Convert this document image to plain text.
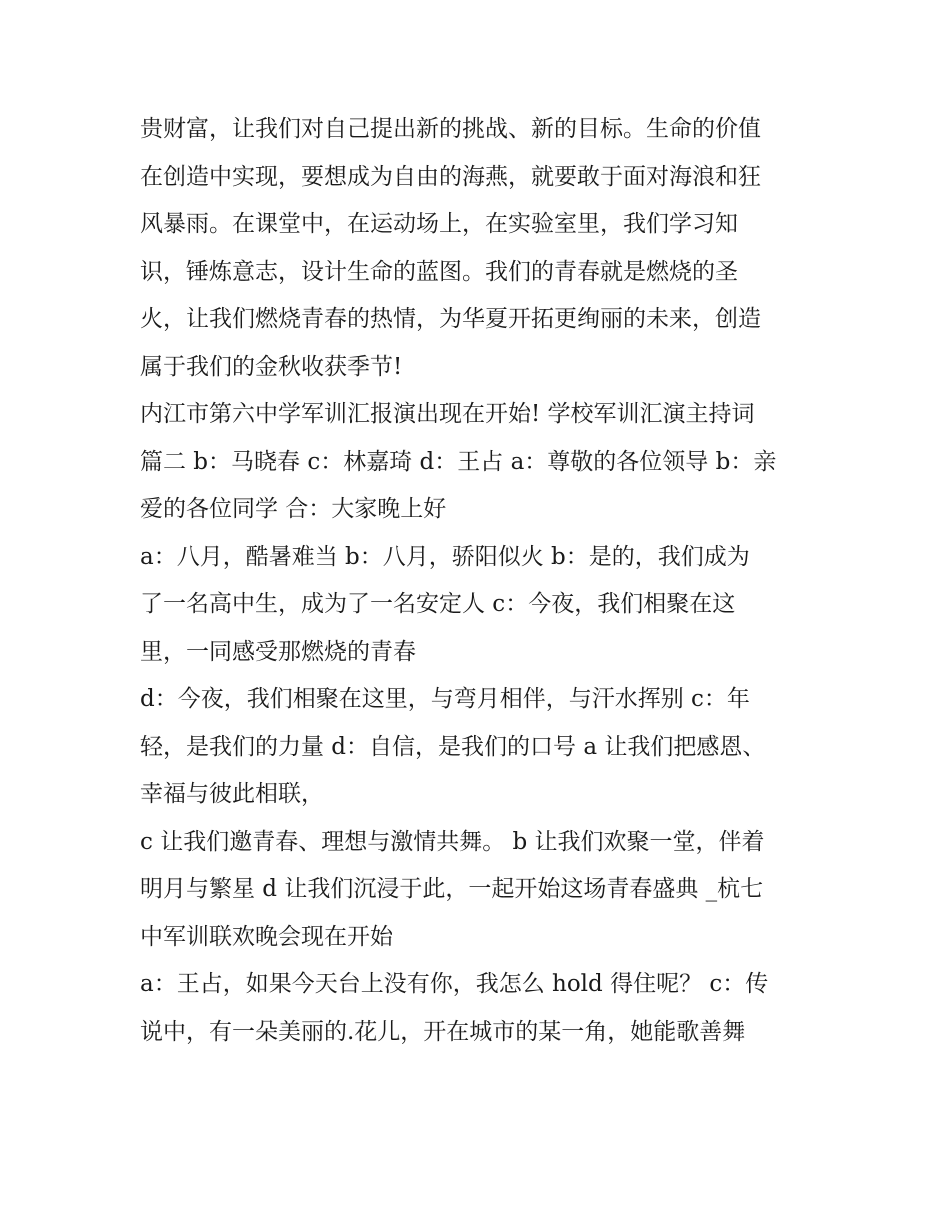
贵财富，让我们对自己提出新的挑战、新的目标。生命的价值
在创造中实现，要想成为自由的海燕，就要敢于面对海浪和狂
风暴雨。在课堂中，在运动场上，在实验室里，我们学习知
识，锤炼意志，设计生命的蓝图。我们的青春就是燃烧的圣
火，让我们燃烧青春的热情，为华夏开拓更绚丽的未来，创造
属于我们的金秋收获季节!
内江市第六中学军训汇报演出现在开始! 学校军训汇演主持词
篇二 b：马晓春 c：林嘉琦 d：王占 a：尊敬的各位领导 b：亲
爱的各位同学 合：大家晚上好
a：八月，酷暑难当 b：八月，骄阳似火 b：是的，我们成为
了一名高中生，成为了一名安定人 c：今夜，我们相聚在这
里，一同感受那燃烧的青春
d：今夜，我们相聚在这里，与弯月相伴，与汗水挥别 c：年
轻，是我们的力量 d：自信，是我们的口号 a 让我们把感恩、
幸福与彼此相联，
c 让我们邀青春、理想与激情共舞。 b 让我们欢聚一堂，伴着
明月与繁星 d 让我们沉浸于此，一起开始这场青春盛典 _杭七
中军训联欢晚会现在开始
a：王占，如果今天台上没有你，我怎么 hold 得住呢？ c：传
说中，有一朵美丽的.花儿，开在城市的某一角，她能歌善舞
